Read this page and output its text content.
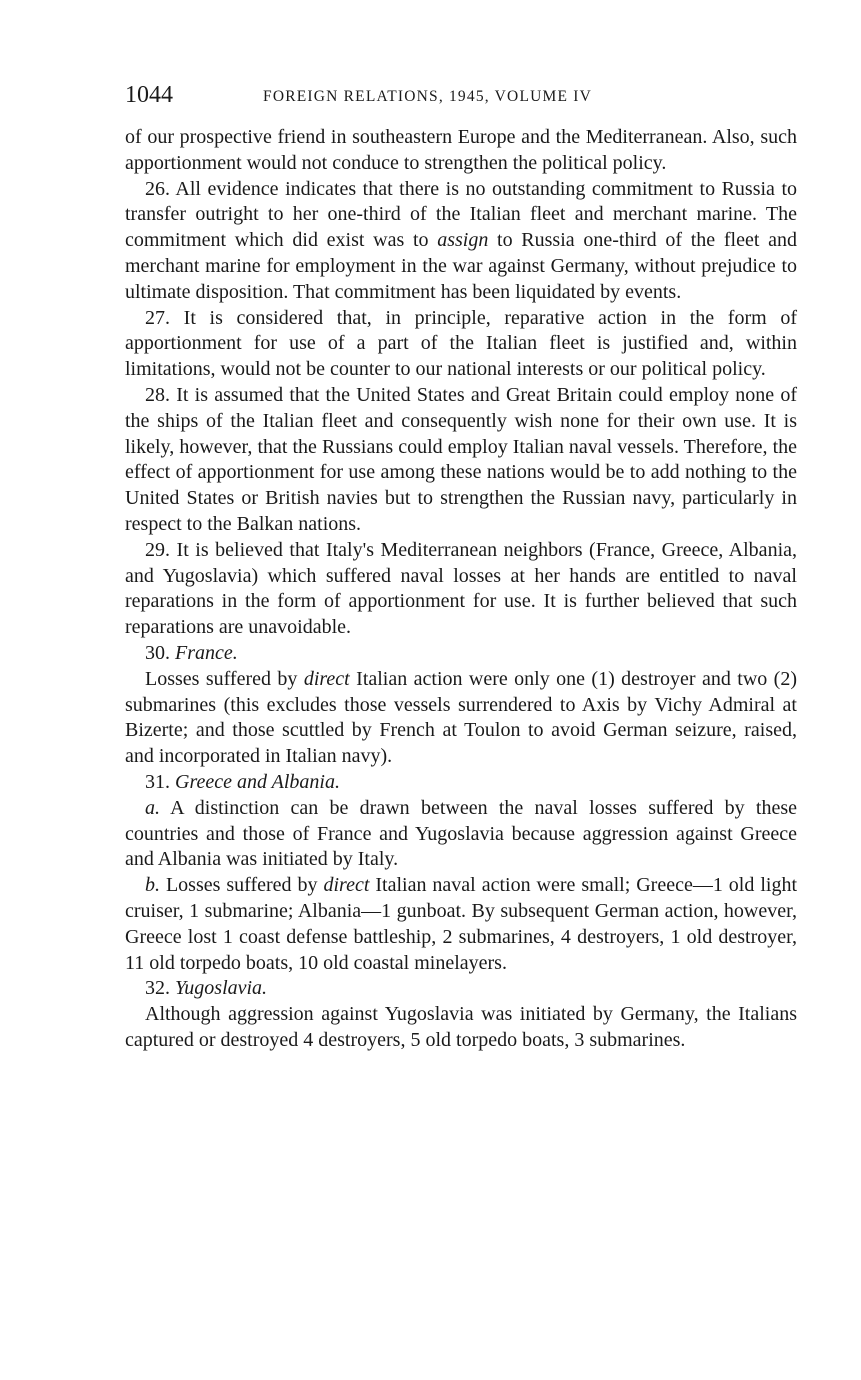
1044	FOREIGN RELATIONS, 1945, VOLUME IV

of our prospective friend in southeastern Europe and the Mediterranean. Also, such apportionment would not conduce to strengthen the political policy.

26. All evidence indicates that there is no outstanding commitment to Russia to transfer outright to her one-third of the Italian fleet and merchant marine. The commitment which did exist was to assign to Russia one-third of the fleet and merchant marine for employment in the war against Germany, without prejudice to ultimate disposition. That commitment has been liquidated by events.

27. It is considered that, in principle, reparative action in the form of apportionment for use of a part of the Italian fleet is justified and, within limitations, would not be counter to our national interests or our political policy.

28. It is assumed that the United States and Great Britain could employ none of the ships of the Italian fleet and consequently wish none for their own use. It is likely, however, that the Russians could employ Italian naval vessels. Therefore, the effect of apportionment for use among these nations would be to add nothing to the United States or British navies but to strengthen the Russian navy, particularly in respect to the Balkan nations.

29. It is believed that Italy's Mediterranean neighbors (France, Greece, Albania, and Yugoslavia) which suffered naval losses at her hands are entitled to naval reparations in the form of apportionment for use. It is further believed that such reparations are unavoidable.

30. France.

Losses suffered by direct Italian action were only one (1) destroyer and two (2) submarines (this excludes those vessels surrendered to Axis by Vichy Admiral at Bizerte; and those scuttled by French at Toulon to avoid German seizure, raised, and incorporated in Italian navy).

31. Greece and Albania.

a. A distinction can be drawn between the naval losses suffered by these countries and those of France and Yugoslavia because aggression against Greece and Albania was initiated by Italy.

b. Losses suffered by direct Italian naval action were small; Greece—1 old light cruiser, 1 submarine; Albania—1 gunboat. By subsequent German action, however, Greece lost 1 coast defense battleship, 2 submarines, 4 destroyers, 1 old destroyer, 11 old torpedo boats, 10 old coastal minelayers.

32. Yugoslavia.

Although aggression against Yugoslavia was initiated by Germany, the Italians captured or destroyed 4 destroyers, 5 old torpedo boats, 3 submarines.
